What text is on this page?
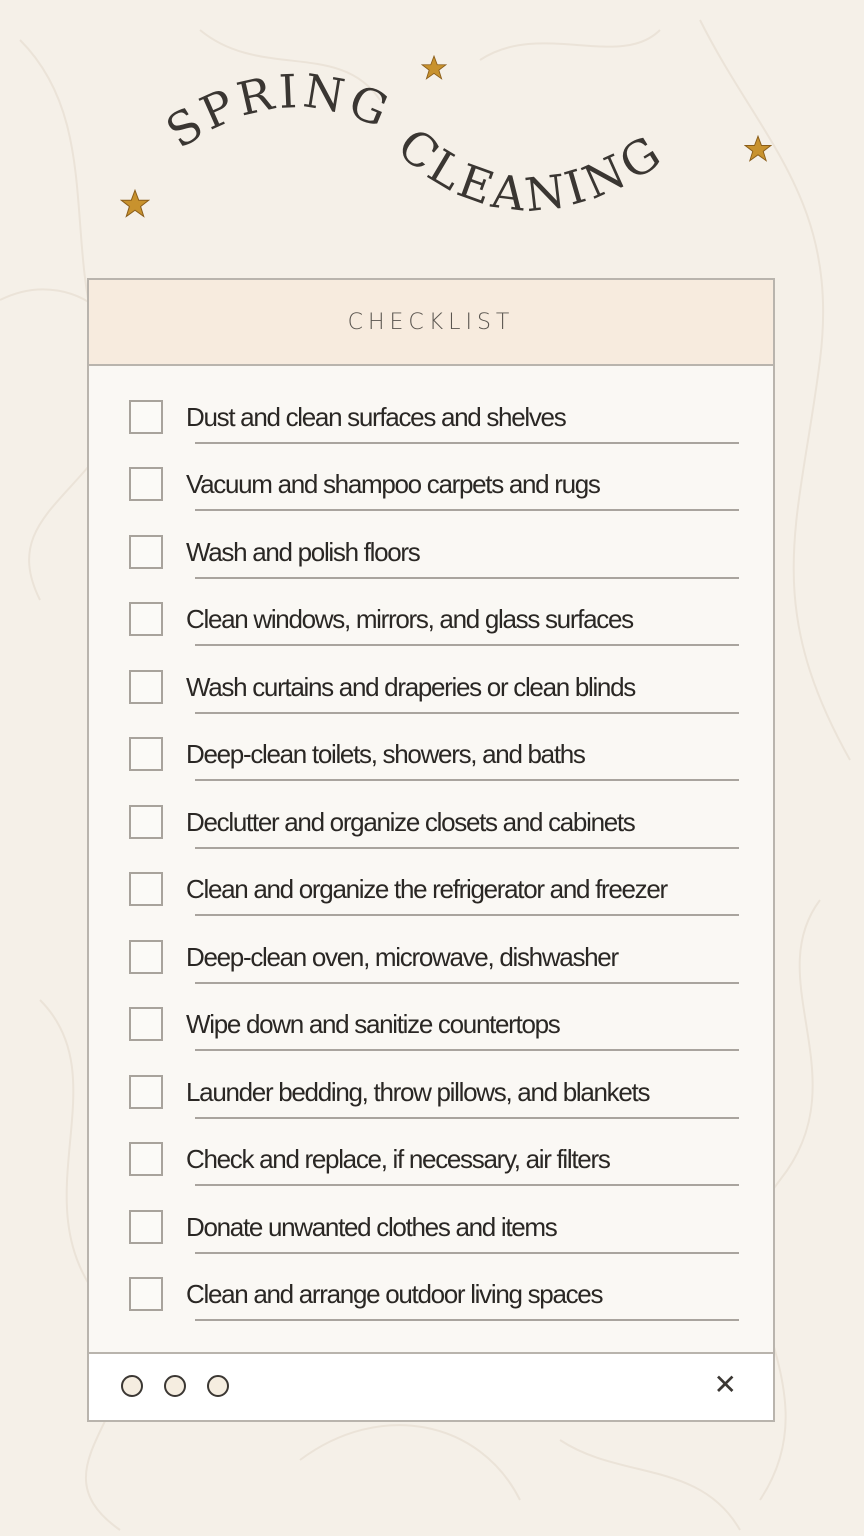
SPRING
CLEANING
CHECKLIST
Dust and clean surfaces and shelves
Vacuum and shampoo carpets and rugs
Wash and polish floors
Clean windows, mirrors, and glass surfaces
Wash curtains and draperies or clean blinds
Deep-clean toilets, showers, and baths
Declutter and organize closets and cabinets
Clean and organize the refrigerator and freezer
Deep-clean oven, microwave, dishwasher
Wipe down and sanitize countertops
Launder bedding, throw pillows, and blankets
Check and replace, if necessary, air filters
Donate unwanted clothes and items
Clean and arrange outdoor living spaces
✕
